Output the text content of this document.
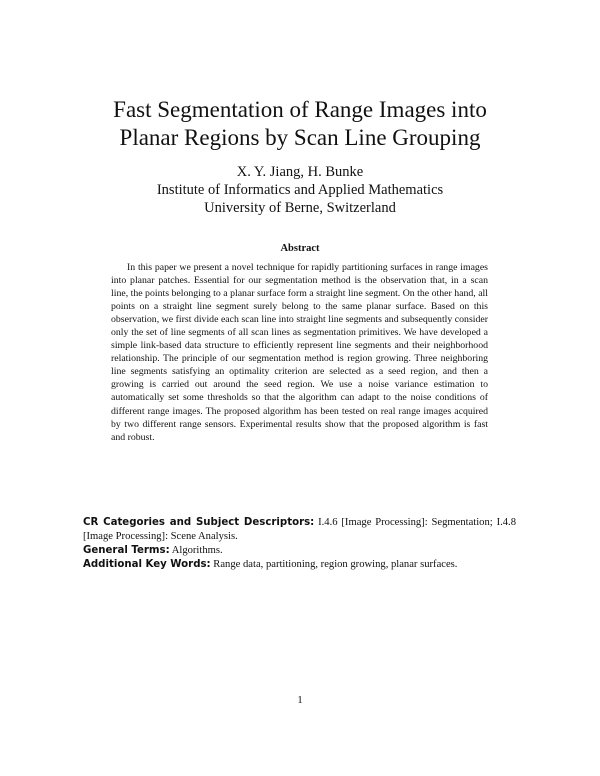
Fast Segmentation of Range Images into
Planar Regions by Scan Line Grouping
X. Y. Jiang, H. Bunke
Institute of Informatics and Applied Mathematics
University of Berne, Switzerland
Abstract

In this paper we present a novel technique for rapidly partitioning surfaces in range images into planar patches. Essential for our segmentation method is the observation that, in a scan line, the points belonging to a planar surface form a straight line segment. On the other hand, all points on a straight line segment surely belong to the same planar surface. Based on this observation, we first divide each scan line into straight line segments and subsequently consider only the set of line segments of all scan lines as segmentation primitives. We have developed a simple link-based data structure to efficiently represent line segments and their neighborhood relationship. The principle of our segmentation method is region growing. Three neighboring line segments satisfying an optimality criterion are selected as a seed region, and then a growing is carried out around the seed region. We use a noise variance estimation to automatically set some thresholds so that the algorithm can adapt to the noise conditions of different range images. The proposed algorithm has been tested on real range images acquired by two different range sensors. Experimental results show that the proposed algorithm is fast and robust.

CR Categories and Subject Descriptors: I.4.6 [Image Processing]: Segmentation; I.4.8 [Image Processing]: Scene Analysis.

General Terms: Algorithms.

Additional Key Words: Range data, partitioning, region growing, planar surfaces.

1
